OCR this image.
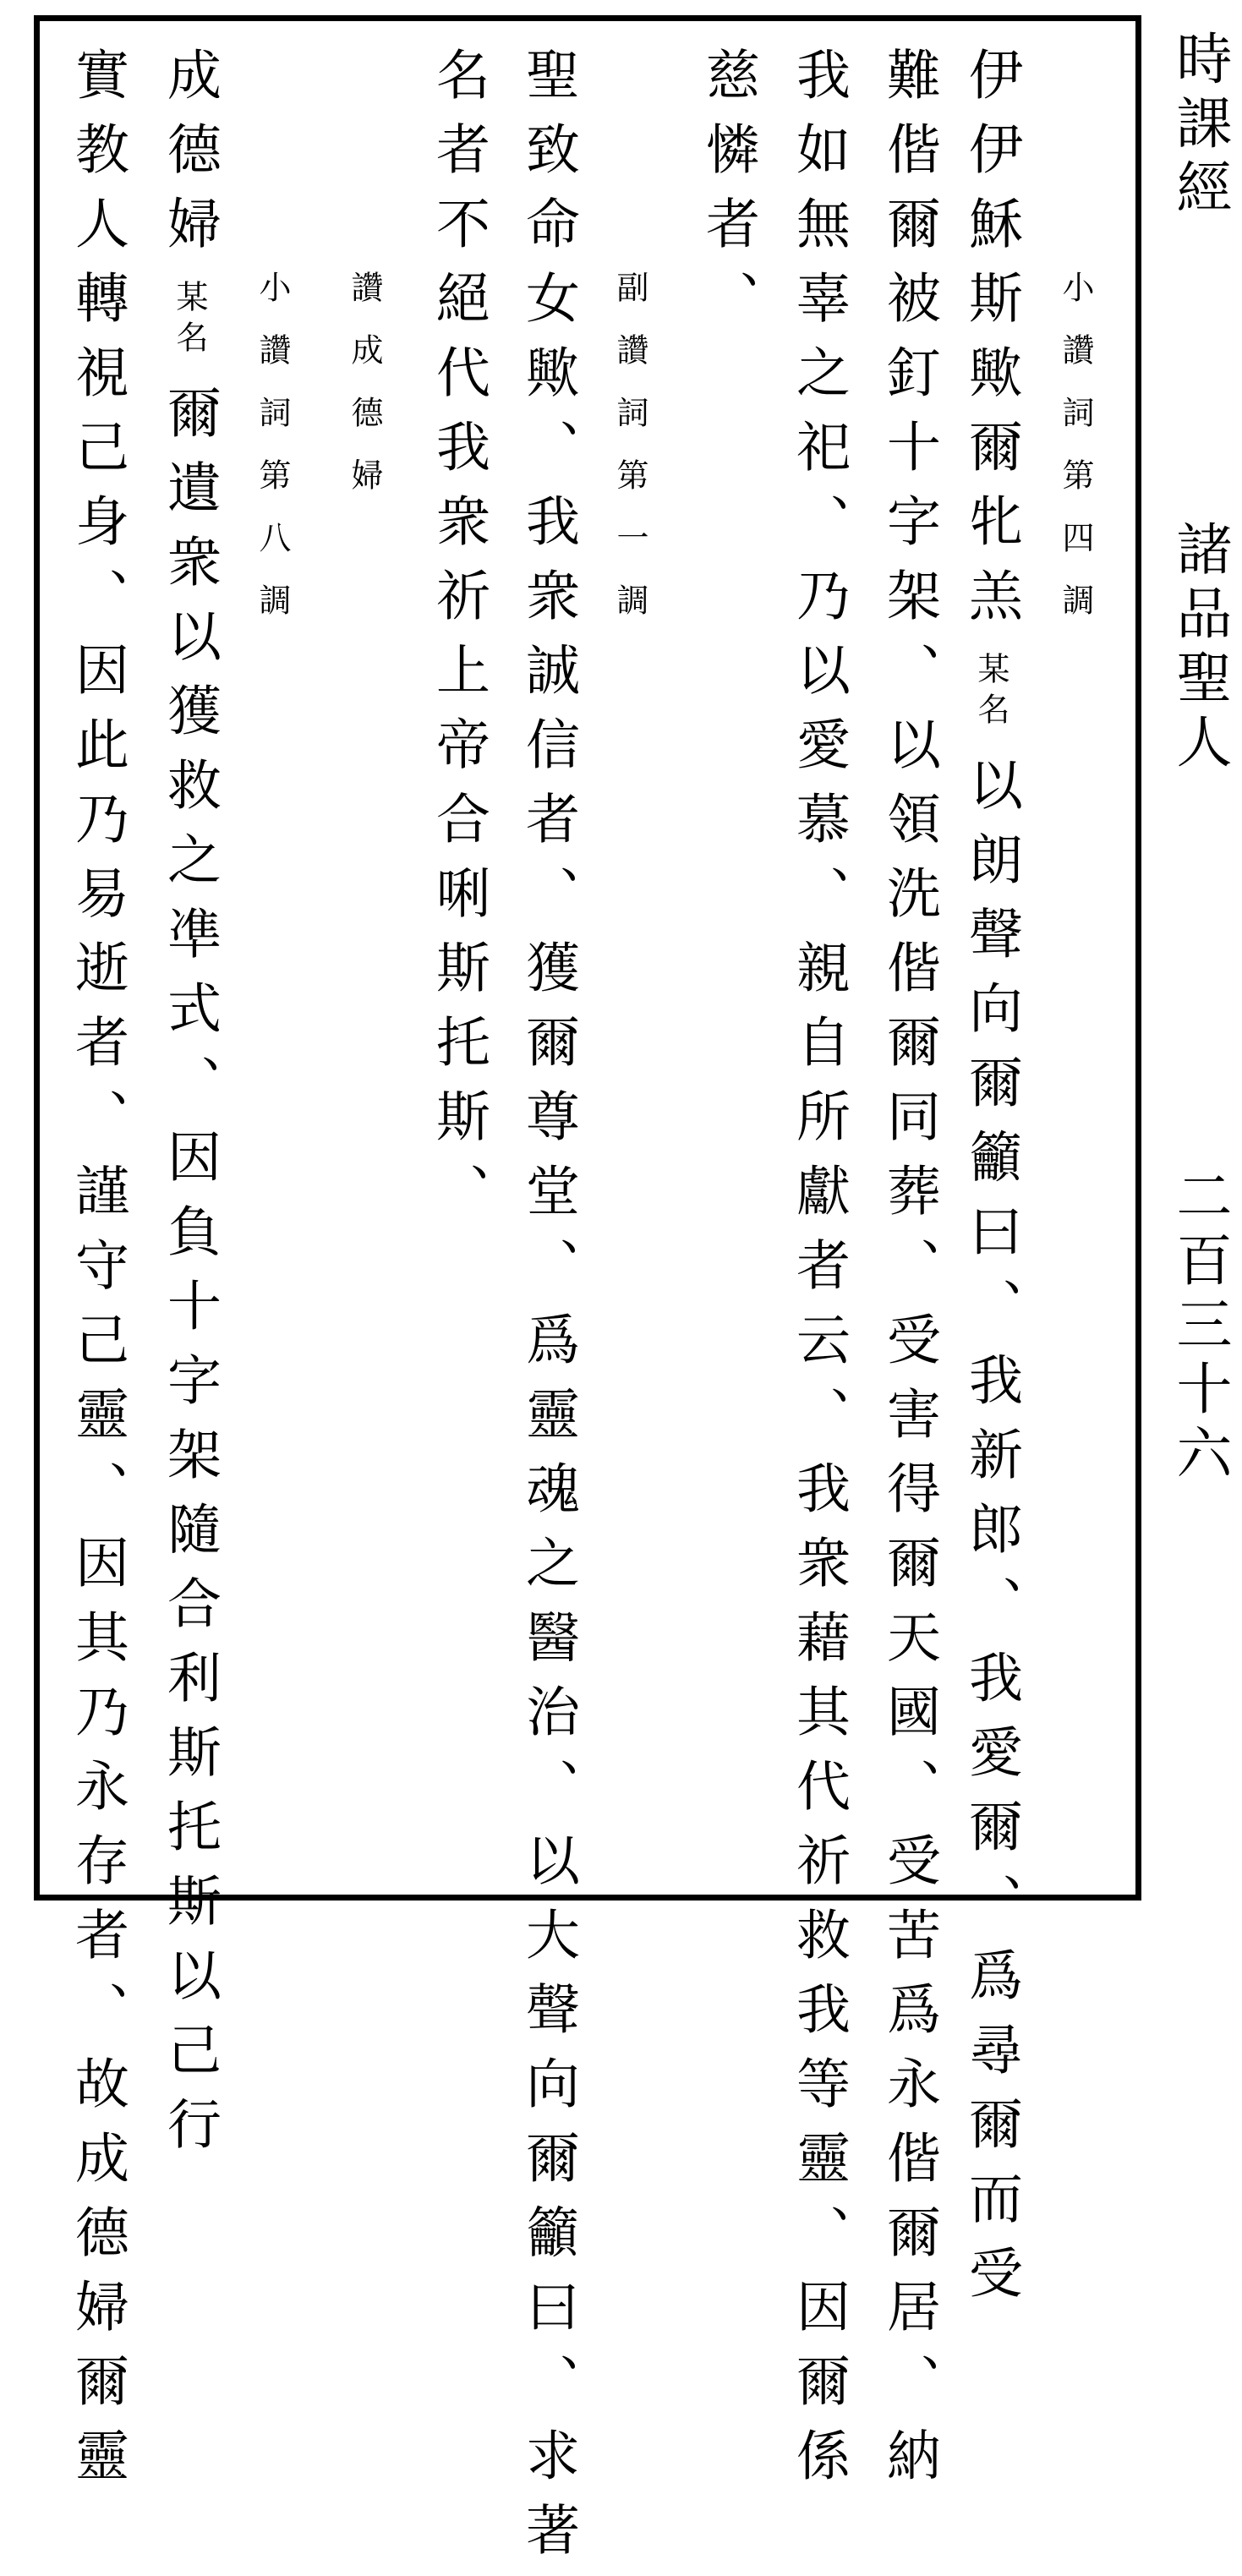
時課經
諸品聖人
二百三十六
小讚詞第四調
伊伊穌斯歟爾牝羔某名以朗聲向爾籲曰、我新郎、我愛爾、爲尋爾而受
難偕爾被釘十字架、以領洗偕爾同葬、受害得爾天國、受苦爲永偕爾居、納
我如無辜之祀、乃以愛慕、親自所獻者云、我衆藉其代祈救我等靈、因爾係
慈憐者、
副讚詞第一調
聖致命女歟、我衆誠信者、獲爾尊堂、爲靈魂之醫治、以大聲向爾籲曰、求著
名者不絕代我衆祈上帝合唎斯托斯、
讚成德婦
小讚詞第八調
成德婦某名爾遺衆以獲救之凖式、因負十字架隨合利斯托斯以己行
實教人轉視己身、因此乃易逝者、謹守己靈、因其乃永存者、故成德婦爾靈
